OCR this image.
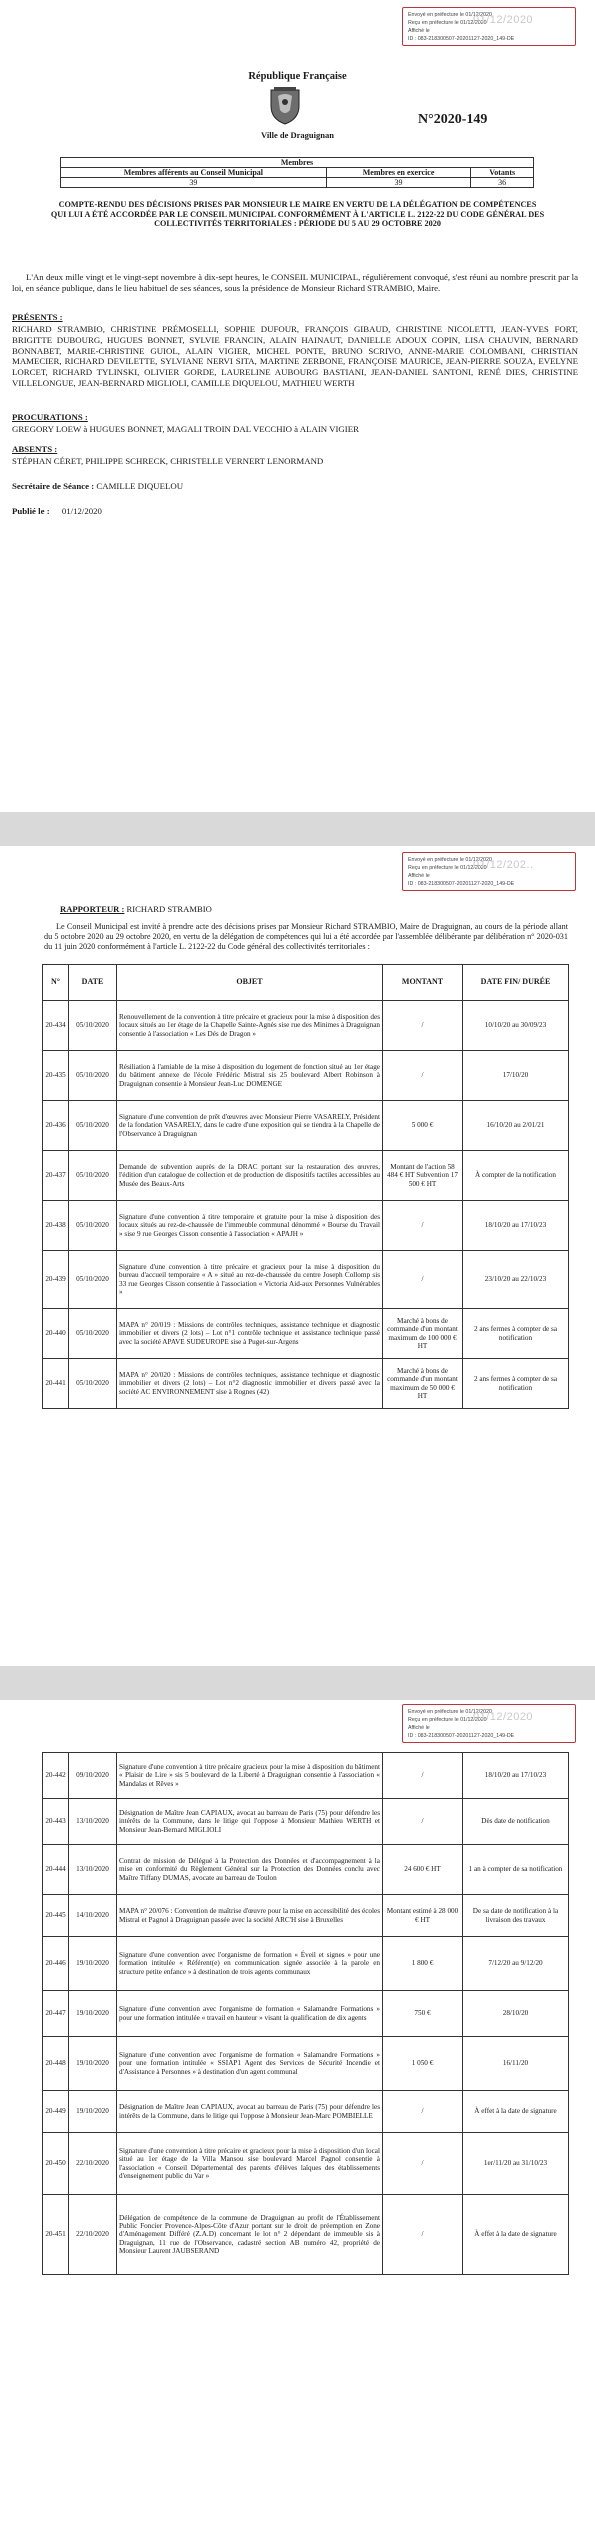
Envoyé en préfecture le 01/12/2020
Reçu en préfecture le 01/12/2020
Affiché le
ID : 083-218300507-20201127-2020_149-DE
01/12/2020
République Française
Ville de Draguignan
N°2020-149
Membres		
Membres afférents au Conseil Municipal	Membres en exercice	Votants
39	39	36
COMPTE-RENDU DES DÉCISIONS PRISES PAR MONSIEUR LE MAIRE EN VERTU DE LA DÉLÉGATION DE COMPÉTENCES QUI LUI A ÉTÉ ACCORDÉE PAR LE CONSEIL MUNICIPAL CONFORMÉMENT À L'ARTICLE L. 2122-22 DU CODE GÉNÉRAL DES COLLECTIVITÉS TERRITORIALES : PÉRIODE DU 5 AU 29 OCTOBRE 2020
L'An deux mille vingt et le vingt-sept novembre à dix-sept heures, le CONSEIL MUNICIPAL, régulièrement convoqué, s'est réuni au nombre prescrit par la loi, en séance publique, dans le lieu habituel de ses séances, sous la présidence de Monsieur Richard STRAMBIO, Maire.
PRÉSENTS :
RICHARD STRAMBIO, CHRISTINE PRÉMOSELLI, SOPHIE DUFOUR, FRANÇOIS GIBAUD, CHRISTINE NICOLETTI, JEAN-YVES FORT, BRIGITTE DUBOURG, HUGUES BONNET, SYLVIE FRANCIN, ALAIN HAINAUT, DANIELLE ADOUX COPIN, LISA CHAUVIN, BERNARD BONNABET, MARIE-CHRISTINE GUIOL, ALAIN VIGIER, MICHEL PONTE, BRUNO SCRIVO, ANNE-MARIE COLOMBANI, CHRISTIAN MAMECIER, RICHARD DEVILETTE, SYLVIANE NERVI SITA, MARTINE ZERBONE, FRANÇOISE MAURICE, JEAN-PIERRE SOUZA, EVELYNE LORCET, RICHARD TYLINSKI, OLIVIER GORDE, LAURELINE AUBOURG BASTIANI, JEAN-DANIEL SANTONI, RENÉ DIES, CHRISTINE VILLELONGUE, JEAN-BERNARD MIGLIOLI, CAMILLE DIQUELOU, MATHIEU WERTH
PROCURATIONS :
GREGORY LOEW à HUGUES BONNET, MAGALI TROIN DAL VECCHIO à ALAIN VIGIER
ABSENTS :
STÉPHAN CÉRET, PHILIPPE SCHRECK, CHRISTELLE VERNERT LENORMAND
Secrétaire de Séance : CAMILLE DIQUELOU
Publié le : 01/12/2020
Envoyé en préfecture le 01/12/2020
Reçu en préfecture le 01/12/2020
Affiché le
ID : 083-218300507-20201127-2020_149-DE
01/12/202..
RAPPORTEUR : RICHARD STRAMBIO
Le Conseil Municipal est invité à prendre acte des décisions prises par Monsieur Richard STRAMBIO, Maire de Draguignan, au cours de la période allant du 5 octobre 2020 au 29 octobre 2020, en vertu de la délégation de compétences qui lui a été accordée par l'assemblée délibérante par délibération n° 2020-031 du 11 juin 2020 conformément à l'article L. 2122-22 du Code général des collectivités territoriales :
N°	DATE	OBJET	MONTANT	DATE FIN/ DURÉE
20-434	05/10/2020	Renouvellement de la convention à titre précaire et gracieux pour la mise à disposition des locaux situés au 1er étage de la Chapelle Sainte-Agnès sise rue des Minimes à Draguignan consentie à l'association « Les Dés de Dragon »	/	10/10/20 au 30/09/23
20-435	05/10/2020	Résiliation à l'amiable de la mise à disposition du logement de fonction situé au 1er étage du bâtiment annexe de l'école Frédéric Mistral sis 25 boulevard Albert Robinson à Draguignan consentie à Monsieur Jean-Luc DOMENGE	/	17/10/20
20-436	05/10/2020	Signature d'une convention de prêt d'œuvres avec Monsieur Pierre VASARELY, Président de la fondation VASARELY, dans le cadre d'une exposition qui se tiendra à la Chapelle de l'Observance à Draguignan	5 000 €	16/10/20 au 2/01/21
20-437	05/10/2020	Demande de subvention auprès de la DRAC portant sur la restauration des œuvres, l'édition d'un catalogue de collection et de production de dispositifs tactiles accessibles au Musée des Beaux-Arts	Montant de l'action 58 484 € HT Subvention 17 500 € HT	À compter de la notification
20-438	05/10/2020	Signature d'une convention à titre temporaire et gratuite pour la mise à disposition des locaux situés au rez-de-chaussée de l'immeuble communal dénommé « Bourse du Travail » sise 9 rue Georges Cisson consentie à l'association « APAJH »	/	18/10/20 au 17/10/23
20-439	05/10/2020	Signature d'une convention à titre précaire et gracieux pour la mise à disposition du bureau d'accueil temporaire « A » situé au rez-de-chaussée du centre Joseph Collomp sis 33 rue Georges Cisson consentie à l'association « Victoria Aid-aux Personnes Vulnérables »	/	23/10/20 au 22/10/23
20-440	05/10/2020	MAPA n° 20/019 : Missions de contrôles techniques, assistance technique et diagnostic immobilier et divers (2 lots) – Lot n°1 contrôle technique et assistance technique passé avec la société APAVE SUDEUROPE sise à Puget-sur-Argens	Marché à bons de commande d'un montant maximum de 100 000 € HT	2 ans fermes à compter de sa notification
20-441	05/10/2020	MAPA n° 20/020 : Missions de contrôles techniques, assistance technique et diagnostic immobilier et divers (2 lots) – Lot n°2 diagnostic immobilier et divers passé avec la société AC ENVIRONNEMENT sise à Rognes (42)	Marché à bons de commande d'un montant maximum de 50 000 € HT	2 ans fermes à compter de sa notification
Envoyé en préfecture le 01/12/2020
Reçu en préfecture le 01/12/2020
Affiché le
ID : 083-218300507-20201127-2020_149-DE
01/12/2020
20-442	09/10/2020	Signature d'une convention à titre précaire gracieux pour la mise à disposition du bâtiment « Plaisir de Lire » sis 5 boulevard de la Liberté à Draguignan consentie à l'association « Mandalas et Rêves »	/	18/10/20 au 17/10/23
20-443	13/10/2020	Désignation de Maître Jean CAPIAUX, avocat au barreau de Paris (75) pour défendre les intérêts de la Commune, dans le litige qui l'oppose à Monsieur Mathieu WERTH et Monsieur Jean-Bernard MIGLIOLI	/	Dès date de notification
20-444	13/10/2020	Contrat de mission de Délégué à la Protection des Données et d'accompagnement à la mise en conformité du Règlement Général sur la Protection des Données conclu avec Maître Tiffany DUMAS, avocate au barreau de Toulon	24 600 € HT	1 an à compter de sa notification
20-445	14/10/2020	MAPA n° 20/076 : Convention de maîtrise d'œuvre pour la mise en accessibilité des écoles Mistral et Pagnol à Draguignan passée avec la société ARC'H sise à Bruxelles	Montant estimé à 28 000 € HT	De sa date de notification à la livraison des travaux
20-446	19/10/2020	Signature d'une convention avec l'organisme de formation « Éveil et signes » pour une formation intitulée « Référent(e) en communication signée associée à la parole en structure petite enfance » à destination de trois agents communaux	1 800 €	7/12/20 au 9/12/20
20-447	19/10/2020	Signature d'une convention avec l'organisme de formation « Salamandre Formations » pour une formation intitulée « travail en hauteur » visant la qualification de dix agents	750 €	28/10/20
20-448	19/10/2020	Signature d'une convention avec l'organisme de formation « Salamandre Formations » pour une formation intitulée « SSIAP1 Agent des Services de Sécurité Incendie et d'Assistance à Personnes » à destination d'un agent communal	1 050 €	16/11/20
20-449	19/10/2020	Désignation de Maître Jean CAPIAUX, avocat au barreau de Paris (75) pour défendre les intérêts de la Commune, dans le litige qui l'oppose à Monsieur Jean-Marc POMBIELLE	/	À effet à la date de signature
20-450	22/10/2020	Signature d'une convention à titre précaire et gracieux pour la mise à disposition d'un local situé au 1er étage de la Villa Mansou sise boulevard Marcel Pagnol consentie à l'association « Conseil Départemental des parents d'élèves laïques des établissements d'enseignement public du Var »	/	1er/11/20 au 31/10/23
20-451	22/10/2020	Délégation de compétence de la commune de Draguignan au profit de l'Établissement Public Foncier Provence-Alpes-Côte d'Azur portant sur le droit de préemption en Zone d'Aménagement Différé (Z.A.D) concernant le lot n° 2 dépendant de immeuble sis à Draguignan, 11 rue de l'Observance, cadastré section AB numéro 42, propriété de Monsieur Laurent JAUBSERAND	/	À effet à la date de signature
